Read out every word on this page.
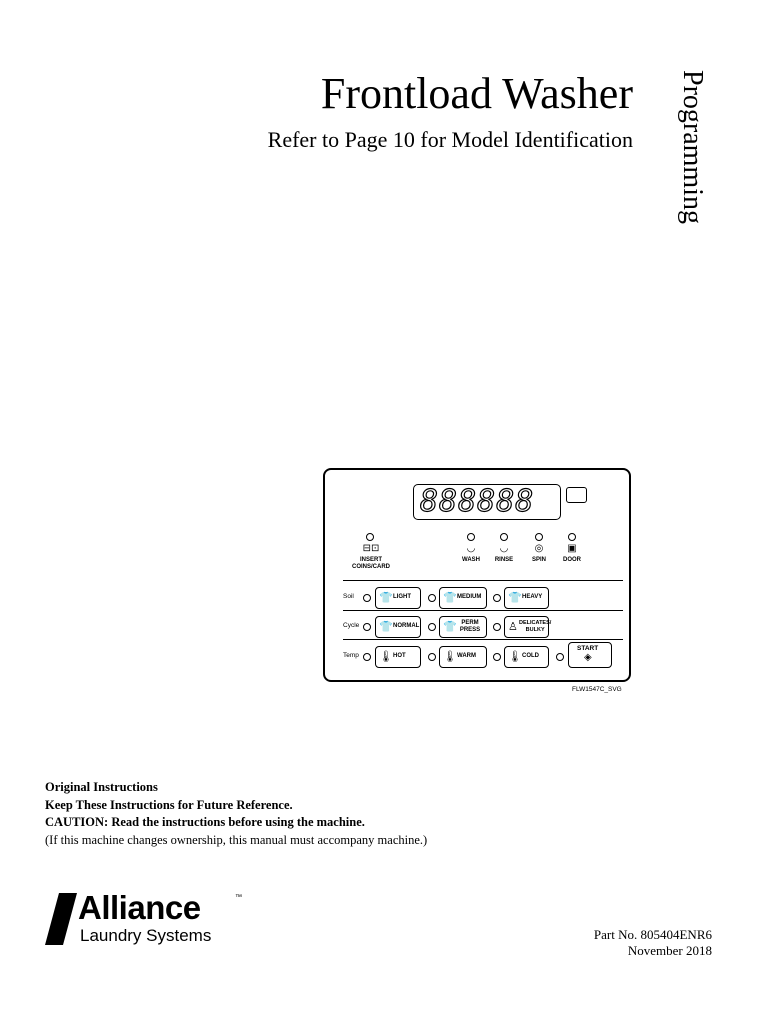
Frontload Washer
Refer to Page 10 for Model Identification Programming
888888
⊟⊡
INSERT COINS/CARD
◡
WASH
◡
RINSE
◎
SPIN
▣
DOOR
Soil 👕 LIGHT	👕 MEDIUM 👕 HEAVY
Cycle 👕 NORMAL 👕 PERM PRESS	♙ DELICATES/ BULKY
Temp 🌡 HOT	🌡 WARM	🌡 COLD
START
◈
FLW1547C_SVG
Original Instructions
Keep These Instructions for Future Reference.
CAUTION: Read the instructions before using the machine.
(If this machine changes ownership, this manual must accompany machine.)
Alliance	™
Laundry Systems	Part No. 805404ENR6
November 2018
